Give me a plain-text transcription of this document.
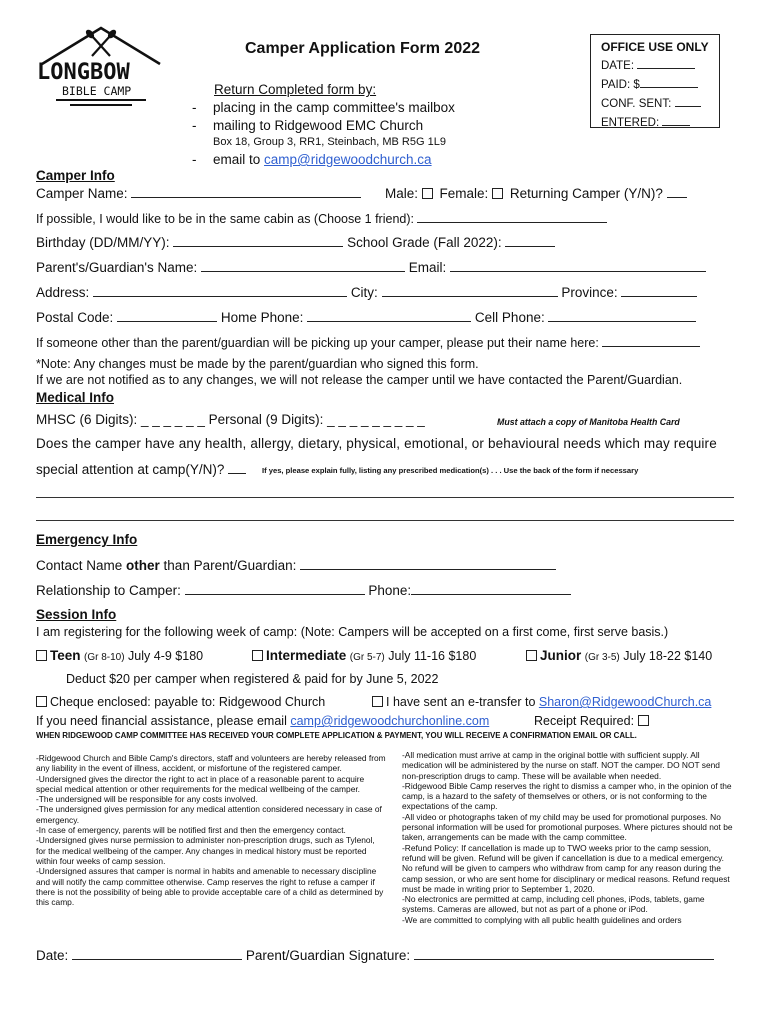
LONGBOW
BIBLE CAMP
Camper Application Form 2022
Return Completed form by:
- placing in the camp committee's mailbox
- mailing to Ridgewood EMC Church
Box 18, Group 3, RR1, Steinbach, MB R5G 1L9
- email to camp@ridgewoodchurch.ca
OFFICE USE ONLY
DATE:
PAID: $
CONF. SENT:
ENTERED:
Camper Info
Camper Name:	Male: Female: Returning Camper (Y/N)?
If possible, I would like to be in the same cabin as (Choose 1 friend):
Birthday (DD/MM/YY):	School Grade (Fall 2022):
Parent's/Guardian's Name:	Email:
Address:	City:	Province:
Postal Code:	Home Phone:	Cell Phone:
If someone other than the parent/guardian will be picking up your camper, please put their name here:
*Note: Any changes must be made by the parent/guardian who signed this form.
If we are not notified as to any changes, we will not release the camper until we have contacted the Parent/Guardian.
Medical Info
MHSC (6 Digits): _ _ _ _ _ _ Personal (9 Digits): _ _ _ _ _ _ _ _ _	Must attach a copy of Manitoba Health Card
Does the camper have any health, allergy, dietary, physical, emotional, or behavioural needs which may require
special attention at camp(Y/N)?	If yes, please explain fully, listing any prescribed medication(s) . . . Use the back of the form if necessary
Emergency Info
Contact Name other than Parent/Guardian:
Relationship to Camper:	Phone:
Session Info
I am registering for the following week of camp: (Note: Campers will be accepted on a first come, first serve basis.)
Teen (Gr 8-10) July 4-9 $180	Intermediate (Gr 5-7) July 11-16 $180	Junior (Gr 3-5) July 18-22 $140
Deduct $20 per camper when registered & paid for by June 5, 2022
Cheque enclosed: payable to: Ridgewood Church	I have sent an e-transfer to Sharon@RidgewoodChurch.ca
If you need financial assistance, please email camp@ridgewoodchurchonline.com	Receipt Required:
WHEN RIDGEWOOD CAMP COMMITTEE HAS RECEIVED YOUR COMPLETE APPLICATION & PAYMENT, YOU WILL RECEIVE A CONFIRMATION EMAIL OR CALL.
-Ridgewood Church and Bible Camp's directors, staff and volunteers are hereby released from any liability in the event of illness, accident, or misfortune of the registered camper.
-Undersigned gives the director the right to act in place of a reasonable parent to acquire special medical attention or other requirements for the medical wellbeing of the camper.
-The undersigned will be responsible for any costs involved.
-The undersigned gives permission for any medical attention considered necessary in case of emergency.
-In case of emergency, parents will be notified first and then the emergency contact.
-Undersigned gives nurse permission to administer non-prescription drugs, such as Tylenol, for the medical wellbeing of the camper. Any changes in medical history must be reported within four weeks of camp session.
-Undersigned assures that camper is normal in habits and amenable to necessary discipline and will notify the camp committee otherwise. Camp reserves the right to refuse a camper if there is not the possibility of being able to provide acceptable care of a child as determined by this camp.
-All medication must arrive at camp in the original bottle with sufficient supply. All medication will be administered by the nurse on staff. NOT the camper. DO NOT send non-prescription drugs to camp. These will be available when needed.
-Ridgewood Bible Camp reserves the right to dismiss a camper who, in the opinion of the camp, is a hazard to the safety of themselves or others, or is not conforming to the expectations of the camp.
-All video or photographs taken of my child may be used for promotional purposes. No personal information will be used for promotional purposes. Where pictures should not be taken, arrangements can be made with the camp committee.
-Refund Policy: If cancellation is made up to TWO weeks prior to the camp session, refund will be given. Refund will be given if cancellation is due to a medical emergency. No refund will be given to campers who withdraw from camp for any reason during the camp session, or who are sent home for disciplinary or medical reasons. Refund request must be made in writing prior to September 1, 2020.
-No electronics are permitted at camp, including cell phones, iPods, tablets, game systems. Cameras are allowed, but not as part of a phone or iPod.
-We are committed to complying with all public health guidelines and orders
Date:	Parent/Guardian Signature:
